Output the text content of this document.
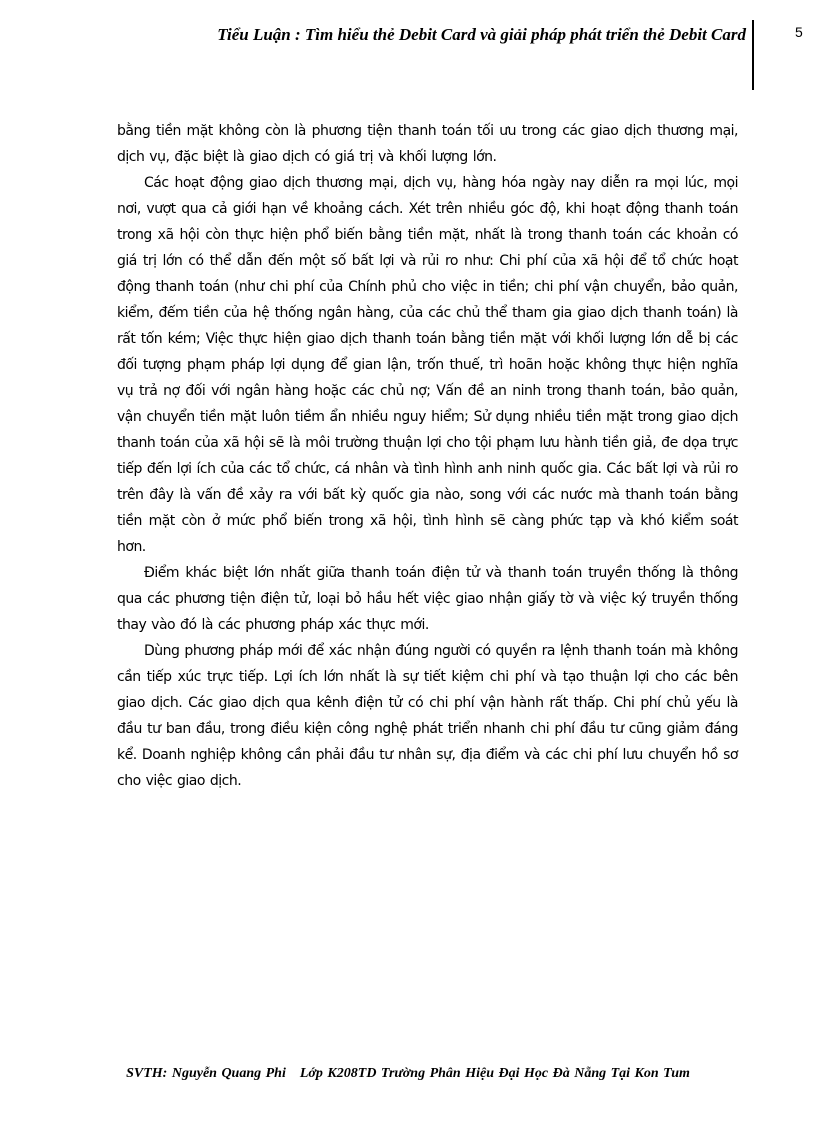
Tiểu Luận : Tìm hiểu thẻ Debit Card và giải pháp phát triển thẻ Debit Card	5

bằng tiền mặt không còn là phương tiện thanh toán tối ưu trong các giao dịch thương mại, dịch vụ, đặc biệt là giao dịch có giá trị và khối lượng lớn.

Các hoạt động giao dịch thương mại, dịch vụ, hàng hóa ngày nay diễn ra mọi lúc, mọi nơi, vượt qua cả giới hạn về khoảng cách. Xét trên nhiều góc độ, khi hoạt động thanh toán trong xã hội còn thực hiện phổ biến bằng tiền mặt, nhất là trong thanh toán các khoản có giá trị lớn có thể dẫn đến một số bất lợi và rủi ro như: Chi phí của xã hội để tổ chức hoạt động thanh toán (như chi phí của Chính phủ cho việc in tiền; chi phí vận chuyển, bảo quản, kiểm, đếm tiền của hệ thống ngân hàng, của các chủ thể tham gia giao dịch thanh toán) là rất tốn kém; Việc thực hiện giao dịch thanh toán bằng tiền mặt với khối lượng lớn dễ bị các đối tượng phạm pháp lợi dụng để gian lận, trốn thuế, trì hoãn hoặc không thực hiện nghĩa vụ trả nợ đối với ngân hàng hoặc các chủ nợ; Vấn đề an ninh trong thanh toán, bảo quản, vận chuyển tiền mặt luôn tiềm ẩn nhiều nguy hiểm; Sử dụng nhiều tiền mặt trong giao dịch thanh toán của xã hội sẽ là môi trường thuận lợi cho tội phạm lưu hành tiền giả, đe dọa trực tiếp đến lợi ích của các tổ chức, cá nhân và tình hình anh ninh quốc gia. Các bất lợi và rủi ro trên đây là vấn đề xảy ra với bất kỳ quốc gia nào, song với các nước mà thanh toán bằng tiền mặt còn ở mức phổ biến trong xã hội, tình hình sẽ càng phức tạp và khó kiểm soát hơn.

Điểm khác biệt lớn nhất giữa thanh toán điện tử và thanh toán truyền thống là thông qua các phương tiện điện tử, loại bỏ hầu hết việc giao nhận giấy tờ và việc ký truyền thống thay vào đó là các phương pháp xác thực mới.

Dùng phương pháp mới để xác nhận đúng người có quyền ra lệnh thanh toán mà không cần tiếp xúc trực tiếp. Lợi ích lớn nhất là sự tiết kiệm chi phí và tạo thuận lợi cho các bên giao dịch. Các giao dịch qua kênh điện tử có chi phí vận hành rất thấp. Chi phí chủ yếu là đầu tư ban đầu, trong điều kiện công nghệ phát triển nhanh chi phí đầu tư cũng giảm đáng kể. Doanh nghiệp không cần phải đầu tư nhân sự, địa điểm và các chi phí lưu chuyển hồ sơ cho việc giao dịch.

SVTH: Nguyễn Quang Phi Lớp K208TD Trường Phân Hiệu Đại Học Đà Nẵng Tại Kon Tum
